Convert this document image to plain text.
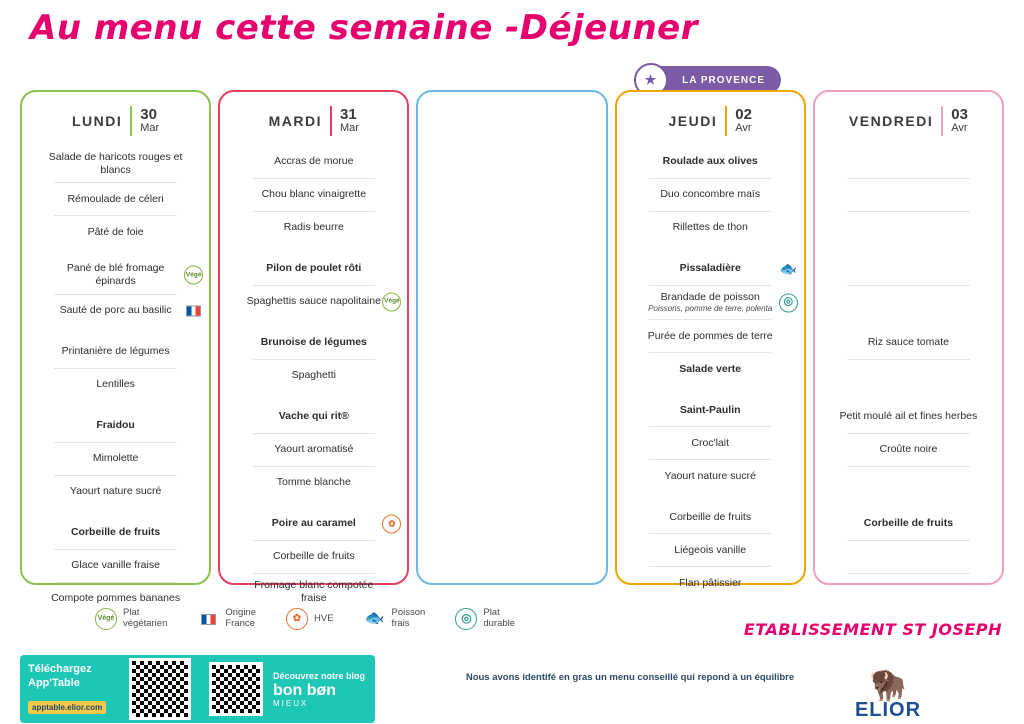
Au menu cette semaine -Déjeuner
★	LA PROVENCE
LUNDI 30
Mar
Salade de haricots rouges et blancs
Rémoulade de céleri
Pâté de foie
Pané de blé fromage épinards
Végé
Sauté de porc au basilic
Printanière de légumes
Lentilles
Fraidou
Mimolette
Yaourt nature sucré
Corbeille de fruits
Glace vanille fraise
Compote pommes bananes
MARDI 31
Mar
Accras de morue
Chou blanc vinaigrette
Radis beurre
Pilon de poulet rôti
Spaghettis sauce napolitaine Végé
Brunoise de légumes
Spaghetti
Vache qui rit®
Yaourt aromatisé
Tomme blanche
Poire au caramel	✿
Corbeille de fruits
Fromage blanc compotée fraise
JEUDI 02
Avr
Roulade aux olives
Duo concombre maïs
Rillettes de thon
Pissaladière	🐟
Brandade de poisson
Poissons, pomme de terre, polenta
◎
Purée de pommes de terre
Salade verte
Saint-Paulin
Croc'lait
Yaourt nature sucré
Corbeille de fruits
Liégeois vanille
Flan pâtissier
VENDREDI 03
Avr
Riz sauce tomate
Petit moulé ail et fines herbes
Croûte noire
Corbeille de fruits
Végé
Plat
végétarien
Origine
France	✿	HVE 🐟 Poisson
frais	◎	Plat
durable	ETABLISSEMENT ST JOSEPH
Téléchargez
App'Table
apptable.elior.com
Découvrez notre blog
bon bøn
MIEUX
Nous avons identifé en gras un menu conseillé qui repond à un équilibre	🦬
ELIOR
